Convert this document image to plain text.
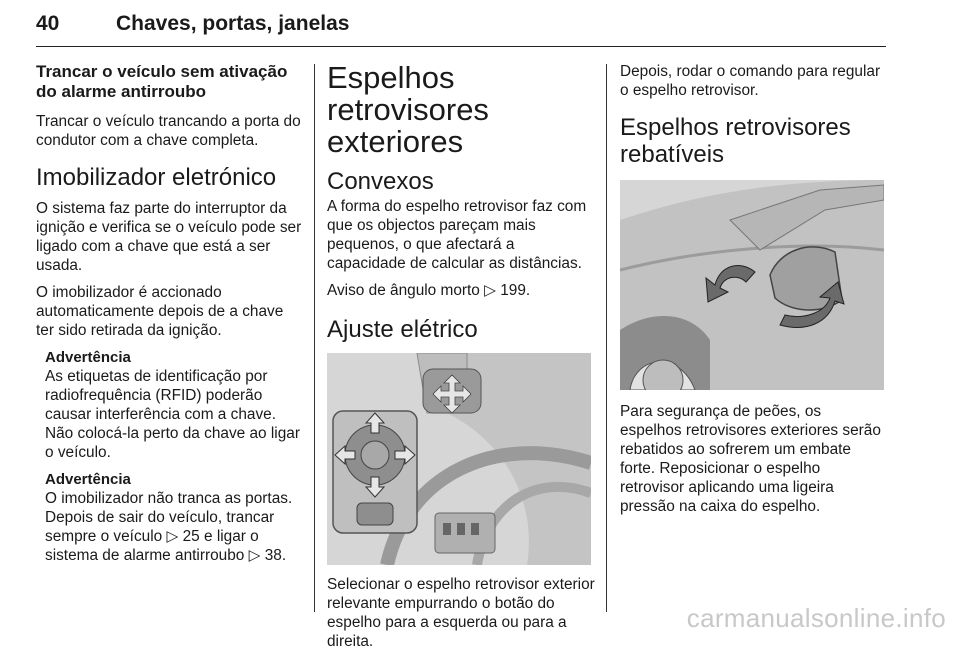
40	Chaves, portas, janelas
Trancar o veículo sem ativação do alarme antirroubo

Trancar o veículo trancando a porta do condutor com a chave completa.

Imobilizador eletrónico

O sistema faz parte do interruptor da ignição e verifica se o veículo pode ser ligado com a chave que está a ser usada.

O imobilizador é accionado automaticamente depois de a chave ter sido retirada da ignição.

Advertência

As etiquetas de identificação por radiofrequência (RFID) poderão causar interferência com a chave. Não colocá-la perto da chave ao ligar o veículo.

Advertência

O imobilizador não tranca as portas. Depois de sair do veículo, trancar sempre o veículo ▷ 25 e ligar o sistema de alarme antirroubo ▷ 38.

Espelhos retrovisores exteriores
Convexos

A forma do espelho retrovisor faz com que os objectos pareçam mais pequenos, o que afectará a capacidade de calcular as distâncias.

Aviso de ângulo morto ▷ 199.

Ajuste elétrico

Selecionar o espelho retrovisor exterior relevante empurrando o botão do espelho para a esquerda ou para a direita.

Depois, rodar o comando para regular o espelho retrovisor.

Espelhos retrovisores rebatíveis

Para segurança de peões, os espelhos retrovisores exteriores serão rebatidos ao sofrerem um embate forte. Reposicionar o espelho retrovisor aplicando uma ligeira pressão na caixa do espelho.

carmanualsonline.info
